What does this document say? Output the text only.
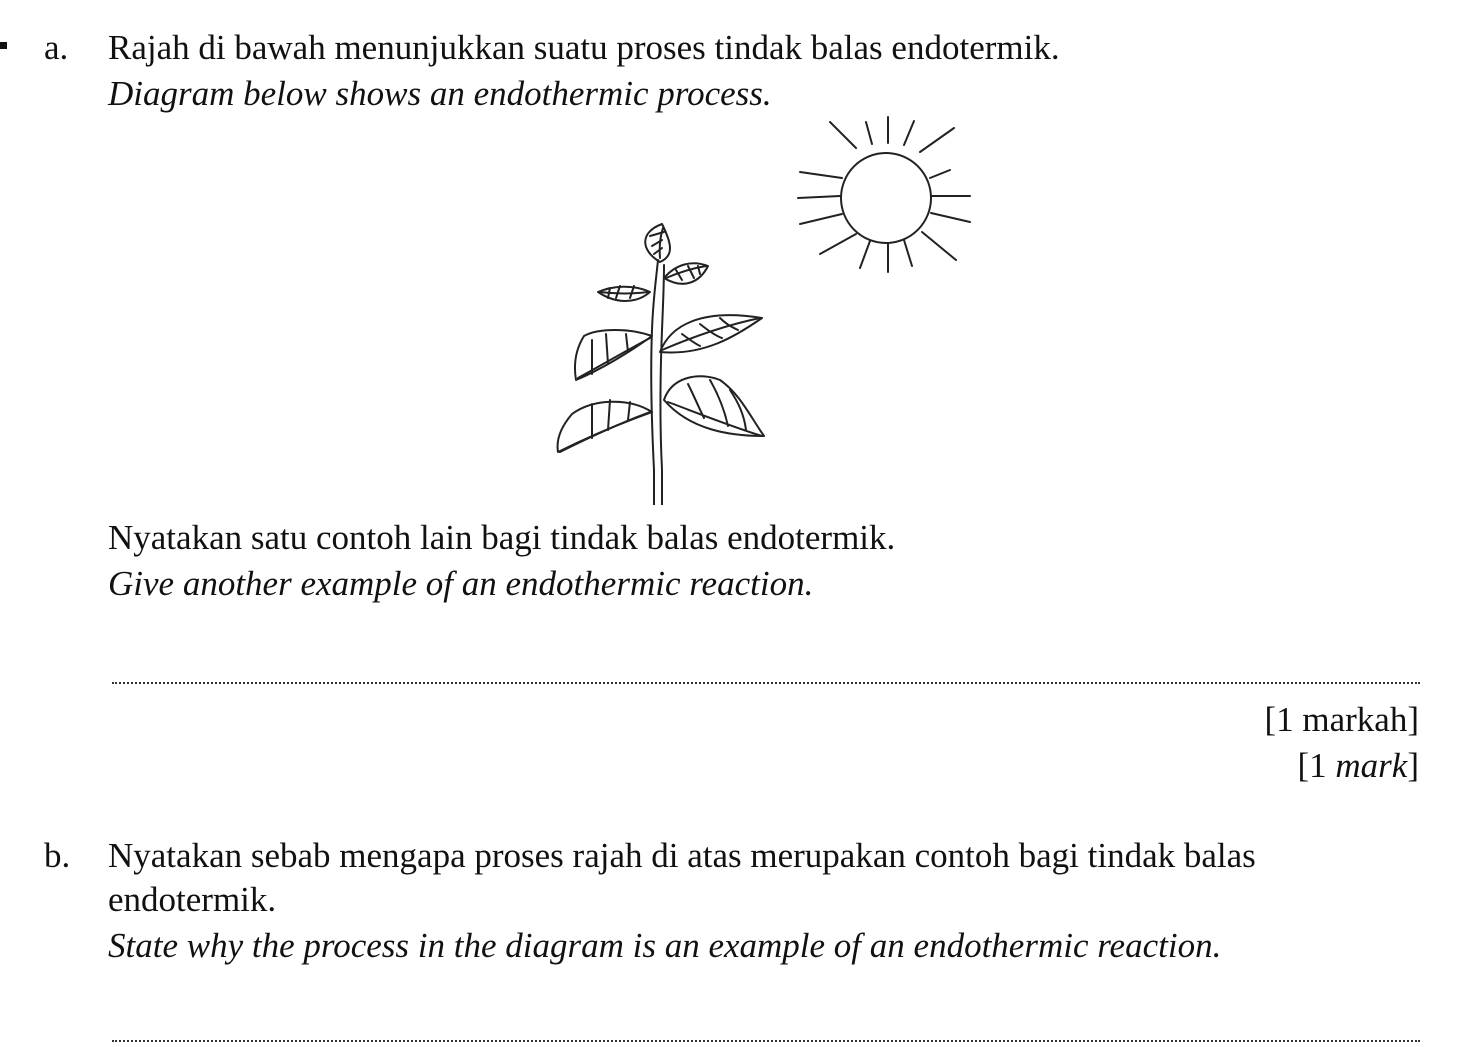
a. Rajah di bawah menunjukkan suatu proses tindak balas endotermik.
Diagram below shows an endothermic process.
Nyatakan satu contoh lain bagi tindak balas endotermik.
Give another example of an endothermic reaction.
[1 markah]
[1 mark]
b. Nyatakan sebab mengapa proses rajah di atas merupakan contoh bagi tindak balas
endotermik.
State why the process in the diagram is an example of an endothermic reaction.
